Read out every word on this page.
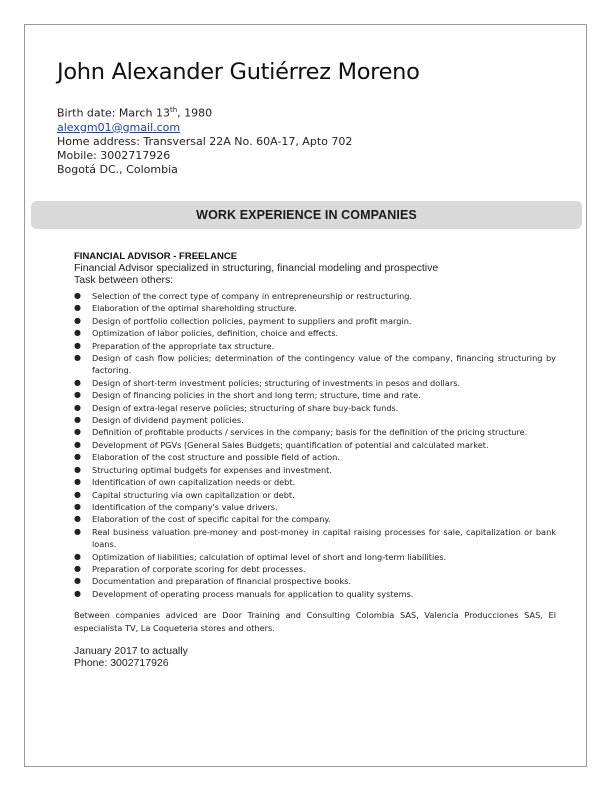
John Alexander Gutiérrez Moreno
Birth date: March 13th, 1980
alexgm01@gmail.com
Home address: Transversal 22A No. 60A-17, Apto 702
Mobile: 3002717926
Bogotá DC., Colombia
WORK EXPERIENCE IN COMPANIES
FINANCIAL ADVISOR - FREELANCE
Financial Advisor specialized in structuring, financial modeling and prospective
Task between others:
● Selection of the correct type of company in entrepreneurship or restructuring.
● Elaboration of the optimal shareholding structure.
● Design of portfolio collection policies, payment to suppliers and profit margin.
● Optimization of labor policies, definition, choice and effects.
● Preparation of the appropriate tax structure.
● Design of cash flow policies; determination of the contingency value of the company, financing structuring by factoring.
● Design of short-term investment policies; structuring of investments in pesos and dollars.
● Design of financing policies in the short and long term; structure, time and rate.
● Design of extra-legal reserve policies; structuring of share buy-back funds.
● Design of dividend payment policies.
● Definition of profitable products / services in the company; basis for the definition of the pricing structure.
● Development of PGVs (General Sales Budgets; quantification of potential and calculated market.
● Elaboration of the cost structure and possible field of action.
● Structuring optimal budgets for expenses and investment.
● Identification of own capitalization needs or debt.
● Capital structuring via own capitalization or debt.
● Identification of the company's value drivers.
● Elaboration of the cost of specific capital for the company.
● Real business valuation pre-money and post-money in capital raising processes for sale, capitalization or bank loans.
● Optimization of liabilities; calculation of optimal level of short and long-term liabilities.
● Preparation of corporate scoring for debt processes.
● Documentation and preparation of financial prospective books.
● Development of operating process manuals for application to quality systems.
Between companies adviced are Door Training and Consulting Colombia SAS, Valencia Producciones SAS, El especialista TV, La Coqueteria stores and others.
January 2017 to actually
Phone: 3002717926
